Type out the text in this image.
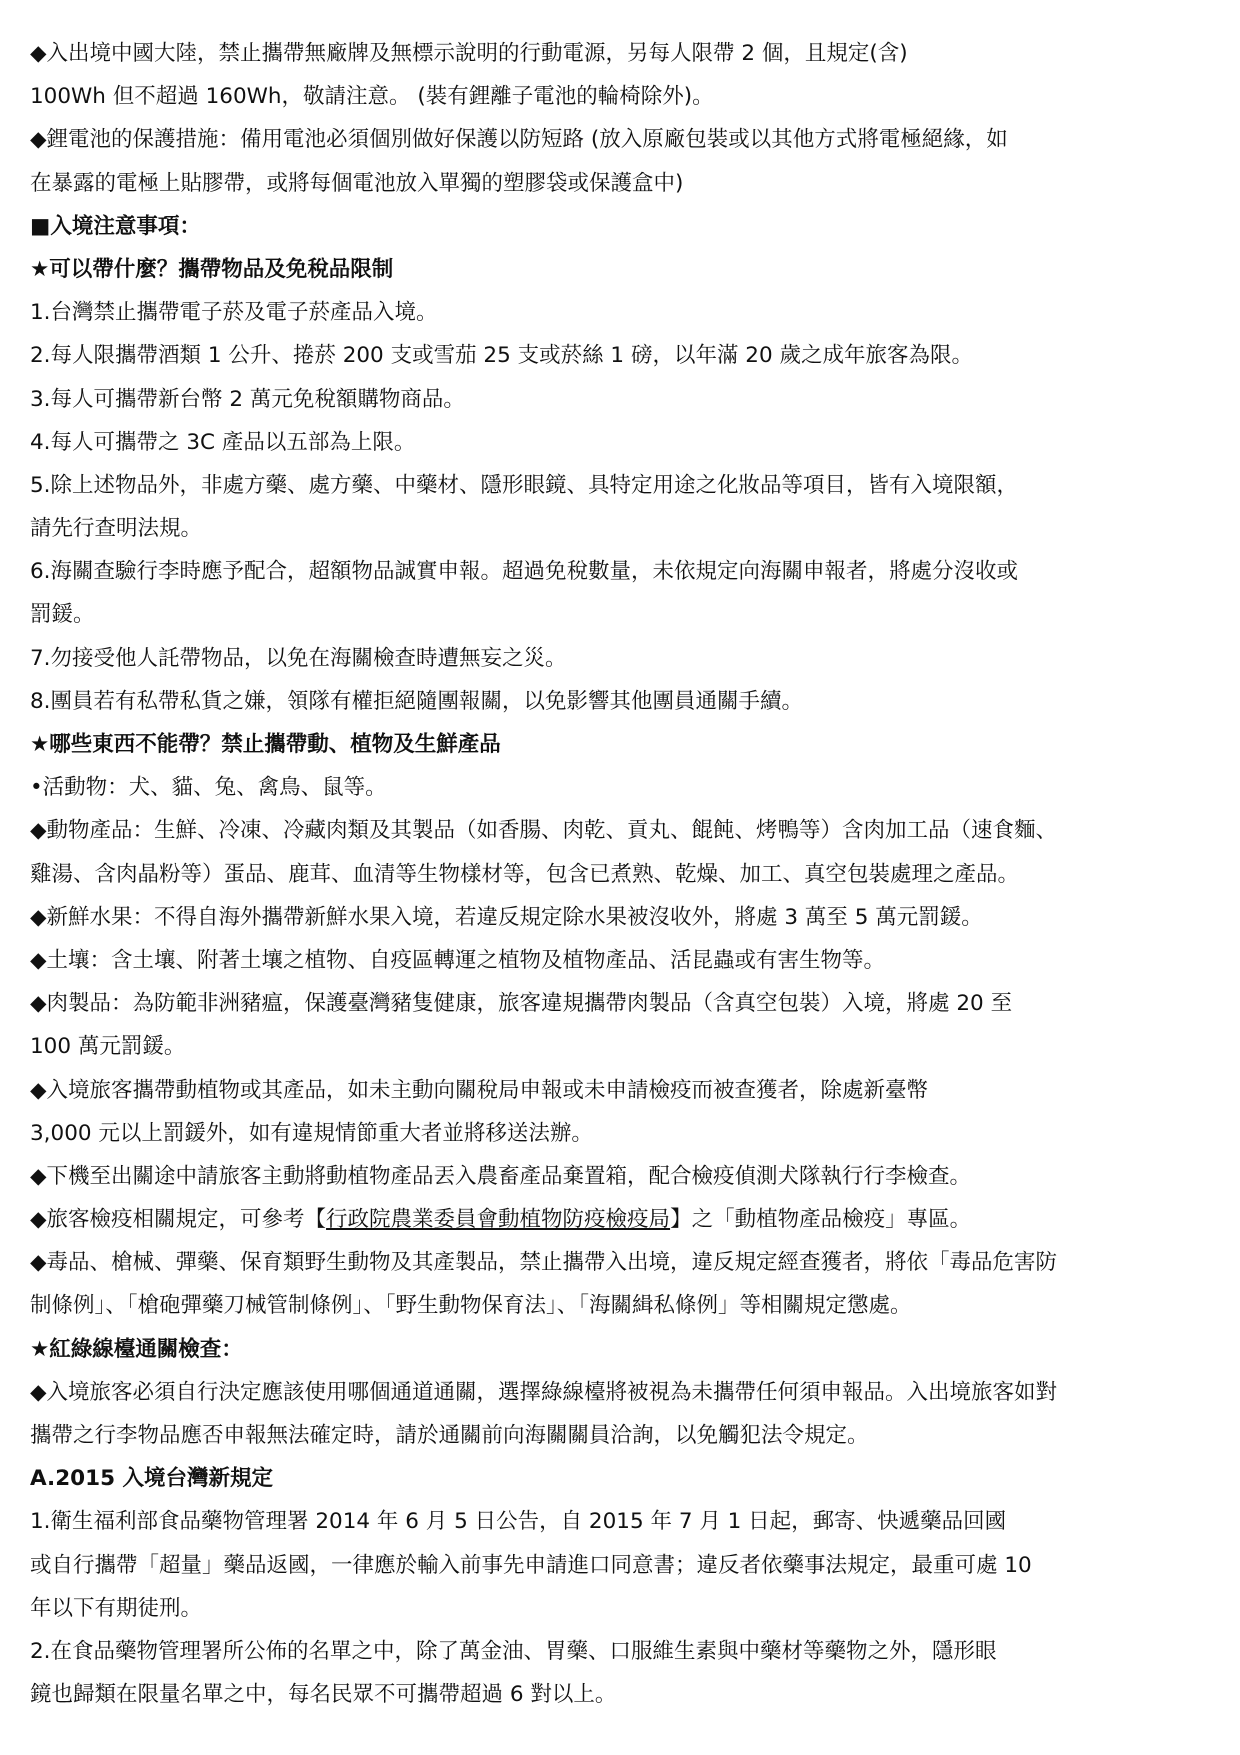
◆入出境中國大陸，禁止攜帶無廠牌及無標示說明的行動電源，另每人限帶 2 個，且規定(含)
100Wh 但不超過 160Wh，敬請注意。 (裝有鋰離子電池的輪椅除外)。
◆鋰電池的保護措施：備用電池必須個別做好保護以防短路 (放入原廠包裝或以其他方式將電極絕緣，如
在暴露的電極上貼膠帶，或將每個電池放入單獨的塑膠袋或保護盒中)
■入境注意事項：
★可以帶什麼？攜帶物品及免稅品限制
1.台灣禁止攜帶電子菸及電子菸產品入境。
2.每人限攜帶酒類 1 公升、捲菸 200 支或雪茄 25 支或菸絲 1 磅，以年滿 20 歲之成年旅客為限。
3.每人可攜帶新台幣 2 萬元免稅額購物商品。
4.每人可攜帶之 3C 產品以五部為上限。
5.除上述物品外，非處方藥、處方藥、中藥材、隱形眼鏡、具特定用途之化妝品等項目，皆有入境限額，
請先行查明法規。
6.海關查驗行李時應予配合，超額物品誠實申報。超過免稅數量，未依規定向海關申報者，將處分沒收或
罰鍰。
7.勿接受他人託帶物品，以免在海關檢查時遭無妄之災。
8.團員若有私帶私貨之嫌，領隊有權拒絕隨團報關，以免影響其他團員通關手續。
★哪些東西不能帶？禁止攜帶動、植物及生鮮產品
•活動物：犬、貓、兔、禽鳥、鼠等。
◆動物產品：生鮮、冷凍、冷藏肉類及其製品（如香腸、肉乾、貢丸、餛飩、烤鴨等）含肉加工品（速食麵、
雞湯、含肉晶粉等）蛋品、鹿茸、血清等生物樣材等，包含已煮熟、乾燥、加工、真空包裝處理之產品。
◆新鮮水果：不得自海外攜帶新鮮水果入境，若違反規定除水果被沒收外，將處 3 萬至 5 萬元罰鍰。
◆土壤：含土壤、附著土壤之植物、自疫區轉運之植物及植物產品、活昆蟲或有害生物等。
◆肉製品：為防範非洲豬瘟，保護臺灣豬隻健康，旅客違規攜帶肉製品（含真空包裝）入境，將處 20 至
100 萬元罰鍰。
◆入境旅客攜帶動植物或其產品，如未主動向關稅局申報或未申請檢疫而被查獲者，除處新臺幣
3,000 元以上罰鍰外，如有違規情節重大者並將移送法辦。
◆下機至出關途中請旅客主動將動植物產品丟入農畜產品棄置箱，配合檢疫偵測犬隊執行行李檢查。
◆旅客檢疫相關規定，可參考【行政院農業委員會動植物防疫檢疫局】之「動植物產品檢疫」專區。
◆毒品、槍械、彈藥、保育類野生動物及其產製品，禁止攜帶入出境，違反規定經查獲者，將依「毒品危害防
制條例」、「槍砲彈藥刀械管制條例」、「野生動物保育法」、「海關緝私條例」等相關規定懲處。
★紅綠線檯通關檢查：
◆入境旅客必須自行決定應該使用哪個通道通關，選擇綠線檯將被視為未攜帶任何須申報品。入出境旅客如對
攜帶之行李物品應否申報無法確定時，請於通關前向海關關員洽詢，以免觸犯法令規定。
A.2015 入境台灣新規定
1.衛生福利部食品藥物管理署 2014 年 6 月 5 日公告，自 2015 年 7 月 1 日起，郵寄、快遞藥品回國
或自行攜帶「超量」藥品返國，一律應於輸入前事先申請進口同意書；違反者依藥事法規定，最重可處 10
年以下有期徒刑。
2.在食品藥物管理署所公佈的名單之中，除了萬金油、胃藥、口服維生素與中藥材等藥物之外，隱形眼
鏡也歸類在限量名單之中，每名民眾不可攜帶超過 6 對以上。
